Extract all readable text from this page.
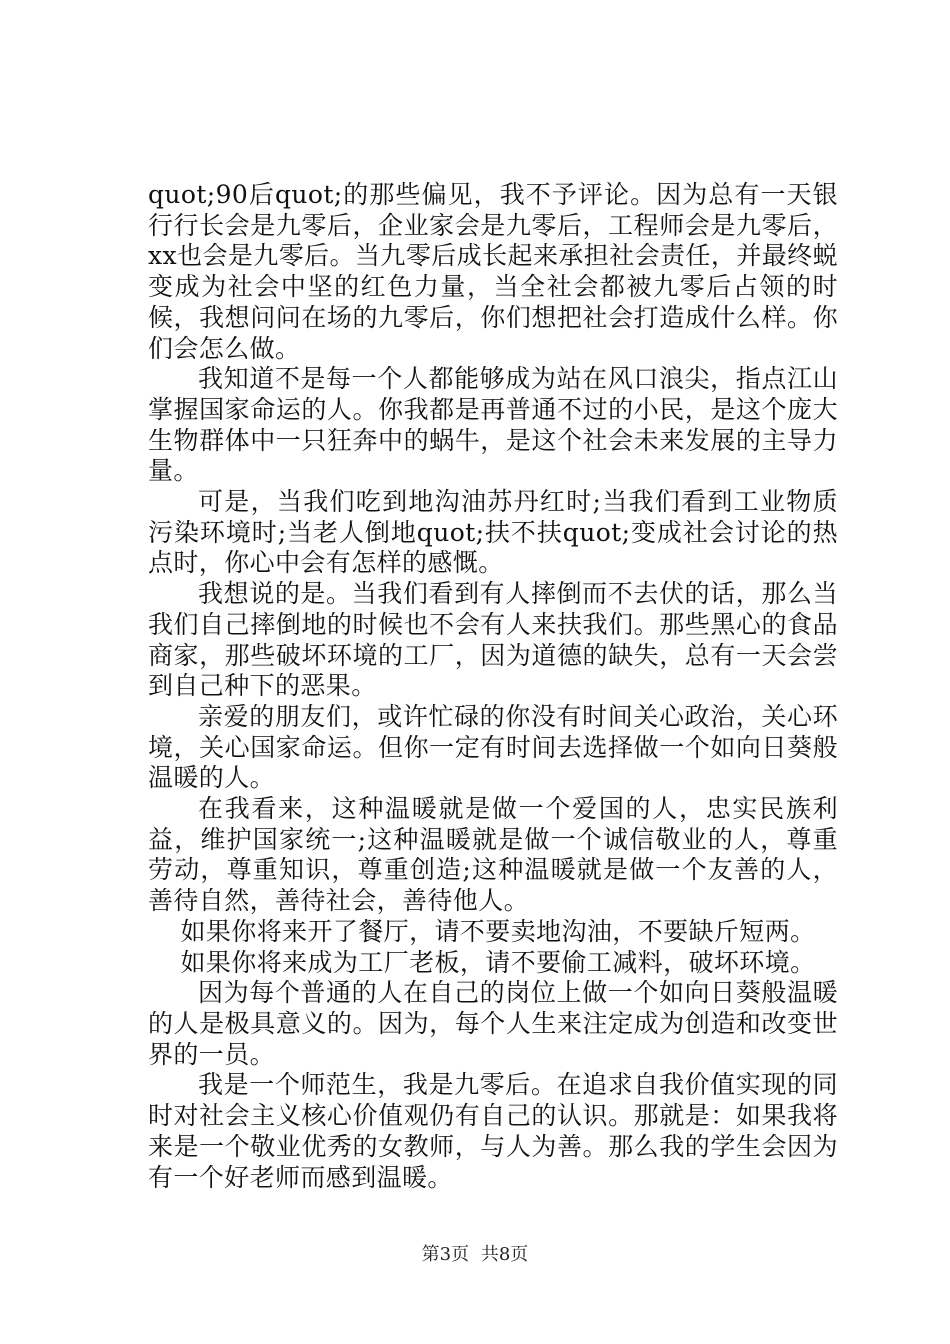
quot;90后quot;的那些偏见，我不予评论。因为总有一天银行行长会是九零后，企业家会是九零后，工程师会是九零后，xx也会是九零后。当九零后成长起来承担社会责任，并最终蜕变成为社会中坚的红色力量，当全社会都被九零后占领的时候，我想问问在场的九零后，你们想把社会打造成什么样。你们会怎么做。

我知道不是每一个人都能够成为站在风口浪尖，指点江山掌握国家命运的人。你我都是再普通不过的小民，是这个庞大生物群体中一只狂奔中的蜗牛，是这个社会未来发展的主导力量。

可是，当我们吃到地沟油苏丹红时;当我们看到工业物质污染环境时;当老人倒地quot;扶不扶quot;变成社会讨论的热点时，你心中会有怎样的感慨。

我想说的是。当我们看到有人摔倒而不去伏的话，那么当我们自己摔倒地的时候也不会有人来扶我们。那些黑心的食品商家，那些破坏环境的工厂，因为道德的缺失，总有一天会尝到自己种下的恶果。

亲爱的朋友们，或许忙碌的你没有时间关心政治，关心环境，关心国家命运。但你一定有时间去选择做一个如向日葵般温暖的人。

在我看来，这种温暖就是做一个爱国的人，忠实民族利益，维护国家统一;这种温暖就是做一个诚信敬业的人，尊重劳动，尊重知识，尊重创造;这种温暖就是做一个友善的人，善待自然，善待社会，善待他人。

如果你将来开了餐厅，请不要卖地沟油，不要缺斤短两。

如果你将来成为工厂老板，请不要偷工减料，破坏环境。

因为每个普通的人在自己的岗位上做一个如向日葵般温暖的人是极具意义的。因为，每个人生来注定成为创造和改变世界的一员。

我是一个师范生，我是九零后。在追求自我价值实现的同时对社会主义核心价值观仍有自己的认识。那就是：如果我将来是一个敬业优秀的女教师，与人为善。那么我的学生会因为有一个好老师而感到温暖。

第3页 共8页
